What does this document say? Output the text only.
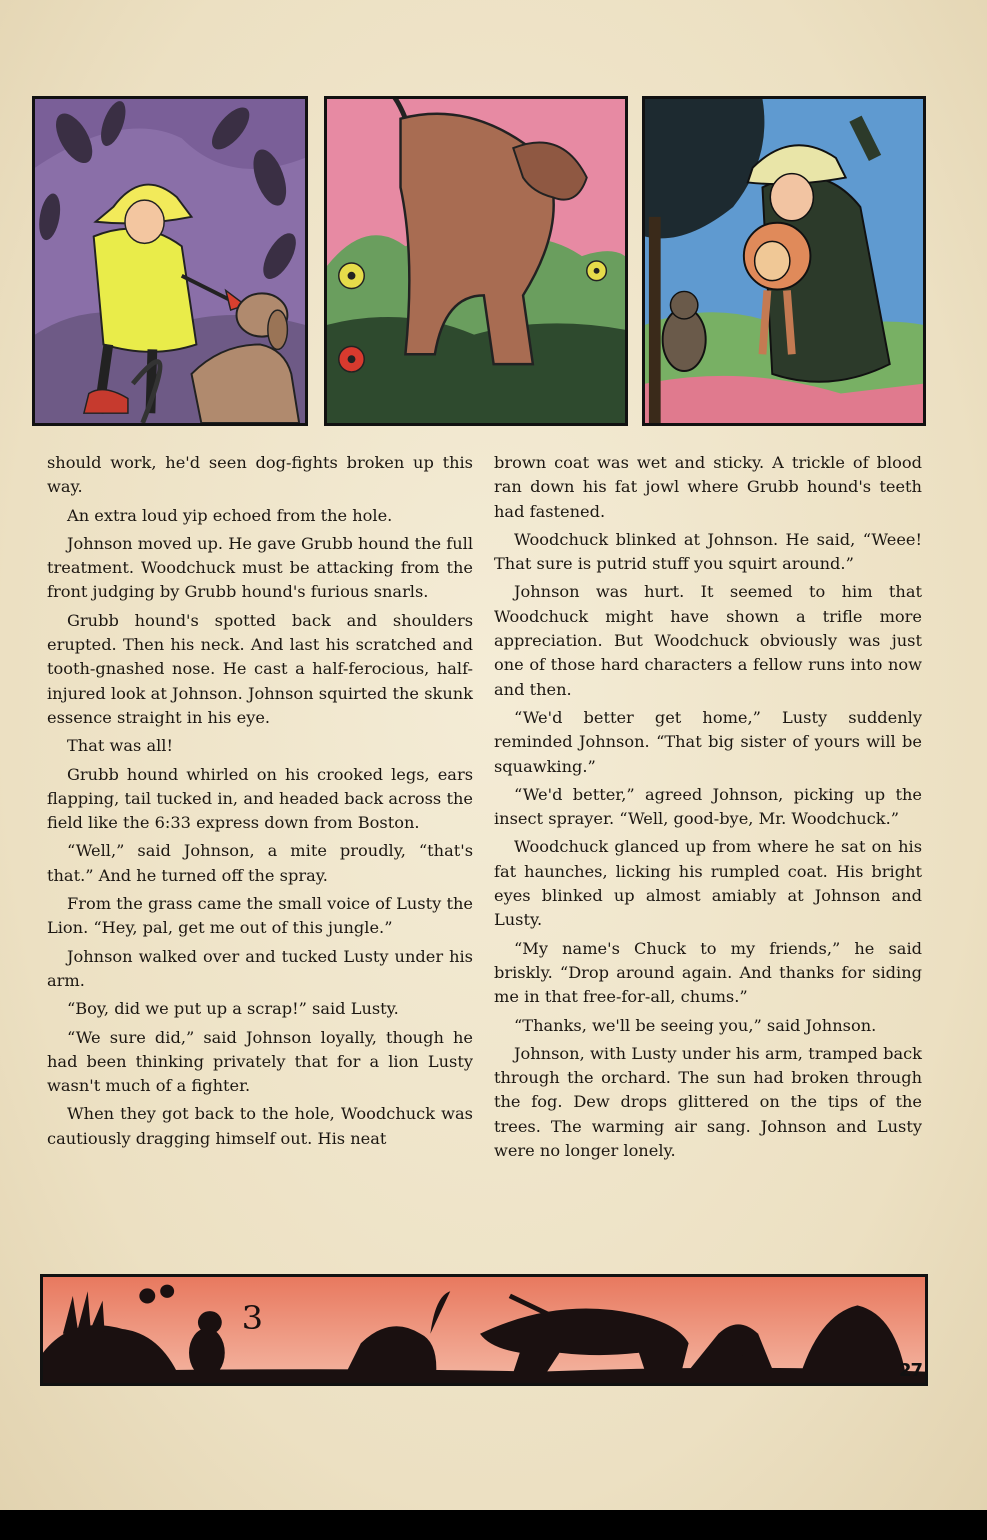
should work, he'd seen dog-fights broken up this way.

An extra loud yip echoed from the hole.

Johnson moved up. He gave Grubb hound the full treatment. Woodchuck must be attacking from the front judging by Grubb hound's furious snarls.

Grubb hound's spotted back and shoulders erupted. Then his neck. And last his scratched and tooth-gnashed nose. He cast a half-ferocious, half-injured look at Johnson. Johnson squirted the skunk essence straight in his eye.

That was all!

Grubb hound whirled on his crooked legs, ears flapping, tail tucked in, and headed back across the field like the 6:33 express down from Boston.

“Well,” said Johnson, a mite proudly, “that's that.” And he turned off the spray.

From the grass came the small voice of Lusty the Lion. “Hey, pal, get me out of this jungle.”

Johnson walked over and tucked Lusty under his arm.

“Boy, did we put up a scrap!” said Lusty.

“We sure did,” said Johnson loyally, though he had been thinking privately that for a lion Lusty wasn't much of a fighter.

When they got back to the hole, Woodchuck was cautiously dragging himself out. His neat

brown coat was wet and sticky. A trickle of blood ran down his fat jowl where Grubb hound's teeth had fastened.

Woodchuck blinked at Johnson. He said, “Weee! That sure is putrid stuff you squirt around.”

Johnson was hurt. It seemed to him that Woodchuck might have shown a trifle more appreciation. But Woodchuck obviously was just one of those hard characters a fellow runs into now and then.

“We'd better get home,” Lusty suddenly reminded Johnson. “That big sister of yours will be squawking.”

“We'd better,” agreed Johnson, picking up the insect sprayer. “Well, good-bye, Mr. Woodchuck.”

Woodchuck glanced up from where he sat on his fat haunches, licking his rumpled coat. His bright eyes blinked up almost amiably at Johnson and Lusty.

“My name's Chuck to my friends,” he said briskly. “Drop around again. And thanks for siding me in that free-for-all, chums.”

“Thanks, we'll be seeing you,” said Johnson.

Johnson, with Lusty under his arm, tramped back through the orchard. The sun had broken through the fog. Dew drops glittered on the tips of the trees. The warming air sang. Johnson and Lusty were no longer lonely.

3
27
